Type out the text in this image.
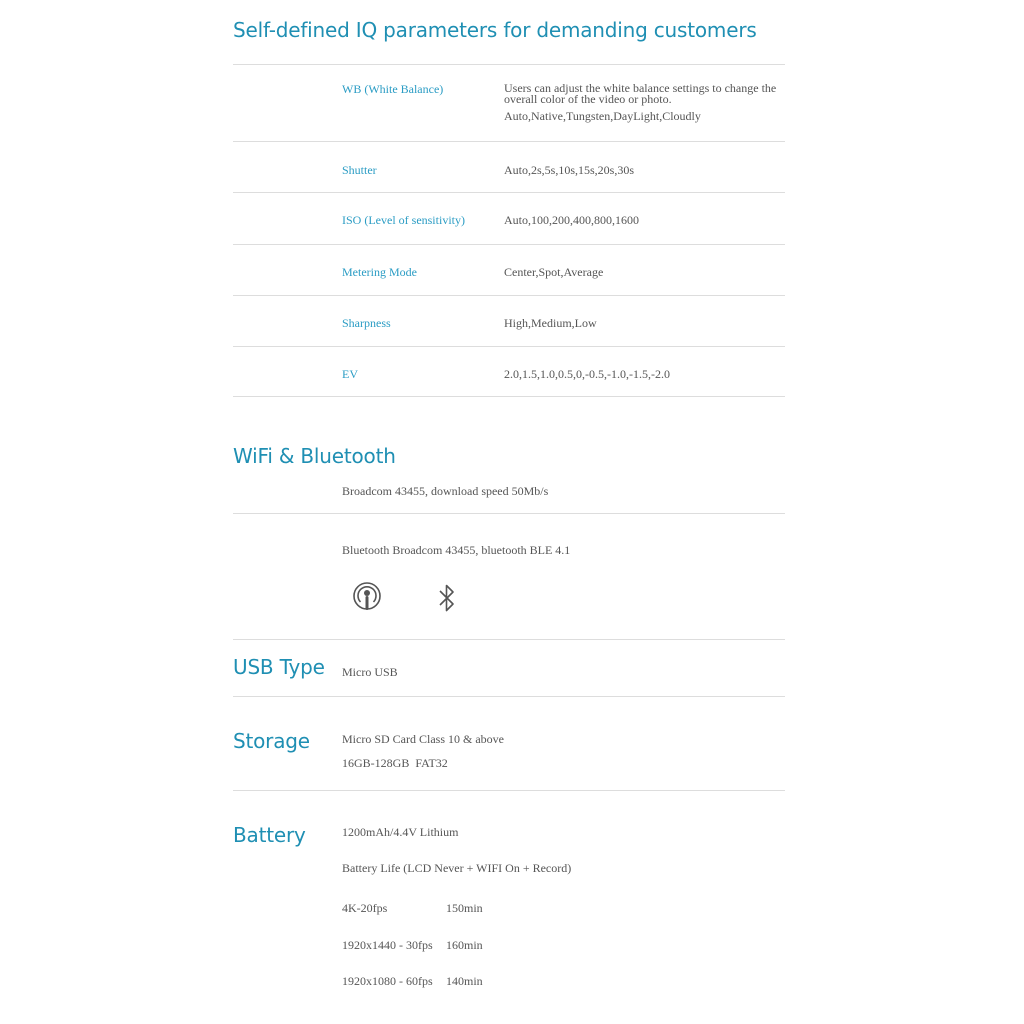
Self-defined IQ parameters for demanding customers
WB (White Balance)	Users can adjust the white balance settings to change the overall color of the video or photo.
Auto,Native,Tungsten,DayLight,Cloudly
Shutter	Auto,2s,5s,10s,15s,20s,30s
ISO (Level of sensitivity)	Auto,100,200,400,800,1600
Metering Mode	Center,Spot,Average
Sharpness	High,Medium,Low
EV	2.0,1.5,1.0,0.5,0,-0.5,-1.0,-1.5,-2.0
WiFi & Bluetooth
Broadcom 43455, download speed 50Mb/s
Bluetooth Broadcom 43455, bluetooth BLE 4.1
USB Type Micro USB
Storage	Micro SD Card Class 10 & above
16GB-128GB  FAT32
Battery	1200mAh/4.4V Lithium
Battery Life (LCD Never + WIFI On + Record)
4K-20fps	150min
1920x1440 - 30fps 160min
1920x1080 - 60fps 140min
